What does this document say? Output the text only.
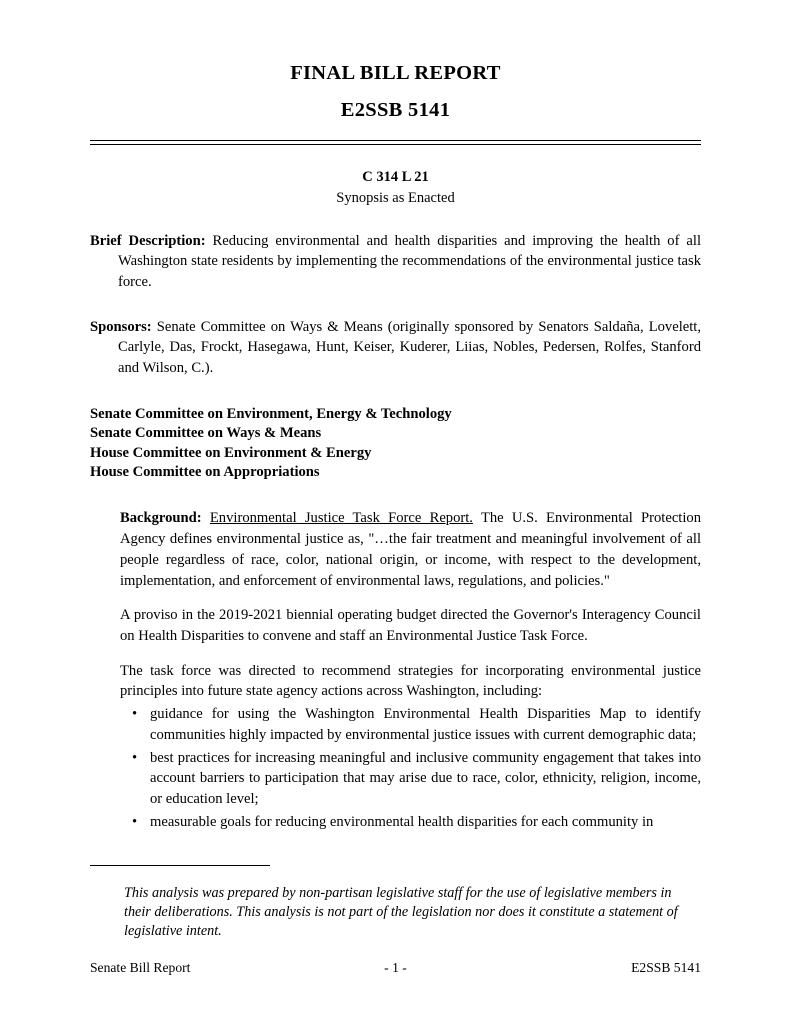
FINAL BILL REPORT
E2SSB 5141
C 314 L 21
Synopsis as Enacted
Brief Description: Reducing environmental and health disparities and improving the health of all Washington state residents by implementing the recommendations of the environmental justice task force.
Sponsors: Senate Committee on Ways & Means (originally sponsored by Senators Saldaña, Lovelett, Carlyle, Das, Frockt, Hasegawa, Hunt, Keiser, Kuderer, Liias, Nobles, Pedersen, Rolfes, Stanford and Wilson, C.).
Senate Committee on Environment, Energy & Technology
Senate Committee on Ways & Means
House Committee on Environment & Energy
House Committee on Appropriations

Background: Environmental Justice Task Force Report. The U.S. Environmental Protection Agency defines environmental justice as, "…the fair treatment and meaningful involvement of all people regardless of race, color, national origin, or income, with respect to the development, implementation, and enforcement of environmental laws, regulations, and policies."

A proviso in the 2019-2021 biennial operating budget directed the Governor's Interagency Council on Health Disparities to convene and staff an Environmental Justice Task Force.

The task force was directed to recommend strategies for incorporating environmental justice principles into future state agency actions across Washington, including:

• guidance for using the Washington Environmental Health Disparities Map to identify communities highly impacted by environmental justice issues with current demographic data;
• best practices for increasing meaningful and inclusive community engagement that takes into account barriers to participation that may arise due to race, color, ethnicity, religion, income, or education level;
• measurable goals for reducing environmental health disparities for each community in
This analysis was prepared by non-partisan legislative staff for the use of legislative members in their deliberations. This analysis is not part of the legislation nor does it constitute a statement of legislative intent.
Senate Bill Report	- 1 -	E2SSB 5141
